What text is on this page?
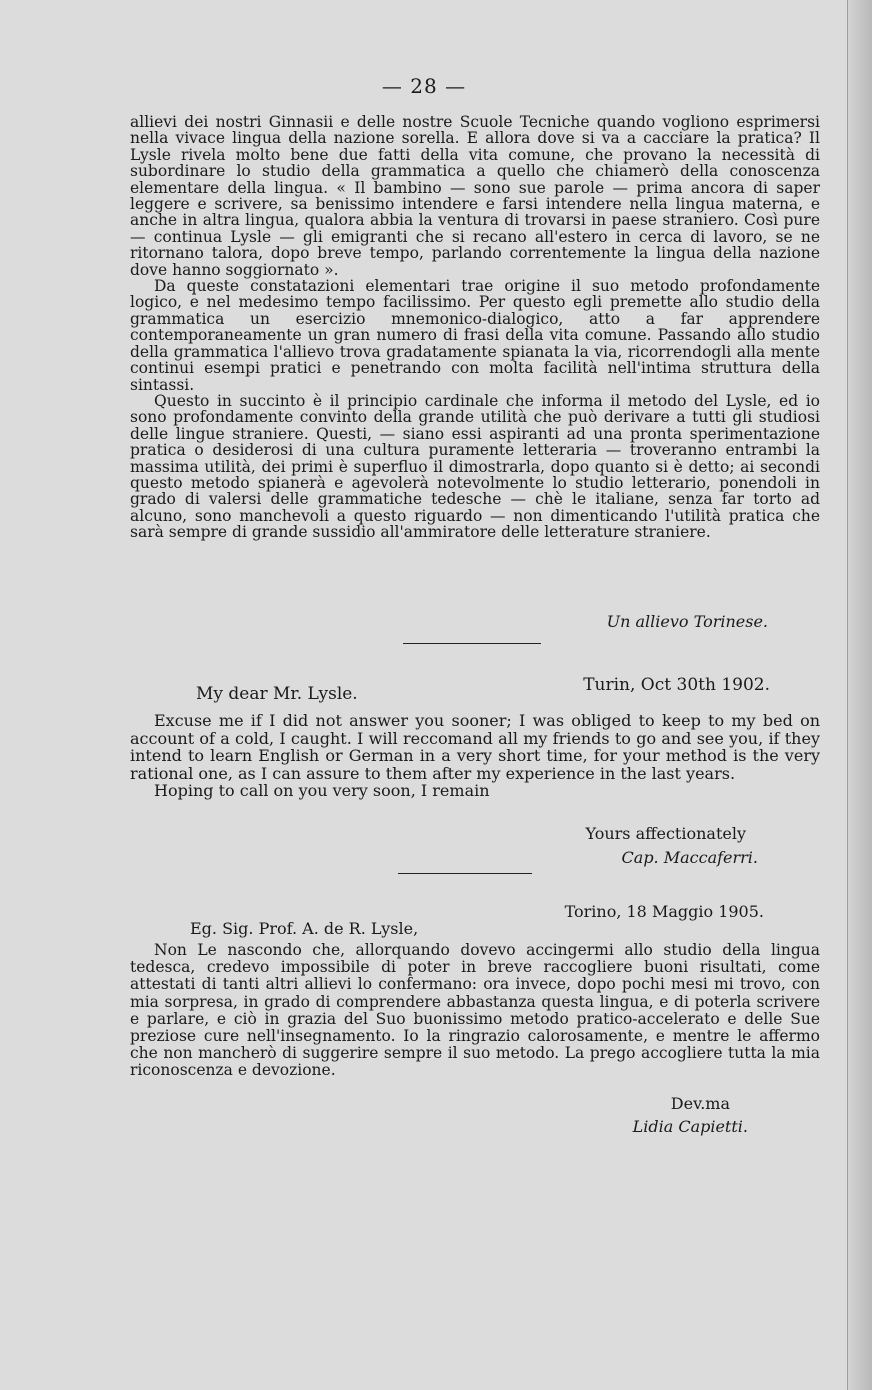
— 28 —

allievi dei nostri Ginnasii e delle nostre Scuole Tecniche quando vogliono esprimersi nella vivace lingua della nazione sorella. E allora dove si va a cacciare la pratica? Il Lysle rivela molto bene due fatti della vita comune, che provano la necessità di subordinare lo studio della grammatica a quello che chiamerò della conoscenza elementare della lingua. « Il bambino — sono sue parole — prima ancora di saper leggere e scrivere, sa benissimo intendere e farsi intendere nella lingua materna, e anche in altra lingua, qualora abbia la ventura di trovarsi in paese straniero. Così pure — continua Lysle — gli emigranti che si recano all'estero in cerca di lavoro, se ne ritornano talora, dopo breve tempo, parlando correntemente la lingua della nazione dove hanno soggiornato ».

Da queste constatazioni elementari trae origine il suo metodo profondamente logico, e nel medesimo tempo facilissimo. Per questo egli premette allo studio della grammatica un esercizio mnemonico-dialogico, atto a far apprendere contemporaneamente un gran numero di frasi della vita comune. Passando allo studio della grammatica l'allievo trova gradatamente spianata la via, ricorrendogli alla mente continui esempi pratici e penetrando con molta facilità nell'intima struttura della sintassi.

Questo in succinto è il principio cardinale che informa il metodo del Lysle, ed io sono profondamente convinto della grande utilità che può derivare a tutti gli studiosi delle lingue straniere. Questi, — siano essi aspiranti ad una pronta sperimentazione pratica o desiderosi di una cultura puramente letteraria — troveranno entrambi la massima utilità, dei primi è superfluo il dimostrarla, dopo quanto si è detto; ai secondi questo metodo spianerà e agevolerà notevolmente lo studio letterario, ponendoli in grado di valersi delle grammatiche tedesche — chè le italiane, senza far torto ad alcuno, sono manchevoli a questo riguardo — non dimenticando l'utilità pratica che sarà sempre di grande sussidio all'ammiratore delle letterature straniere.

Un allievo Torinese.
Turin, Oct 30th 1902.
My dear Mr. Lysle.

Excuse me if I did not answer you sooner; I was obliged to keep to my bed on account of a cold, I caught. I will reccomand all my friends to go and see you, if they intend to learn English or German in a very short time, for your method is the very rational one, as I can assure to them after my experience in the last years.

Hoping to call on you very soon, I remain

Yours affectionately
Cap. Maccaferri.
Torino, 18 Maggio 1905.
Eg. Sig. Prof. A. de R. Lysle,

Non Le nascondo che, allorquando dovevo accingermi allo studio della lingua tedesca, credevo impossibile di poter in breve raccogliere buoni risultati, come attestati di tanti altri allievi lo confermano: ora invece, dopo pochi mesi mi trovo, con mia sorpresa, in grado di comprendere abbastanza questa lingua, e di poterla scrivere e parlare, e ciò in grazia del Suo buonissimo metodo pratico-accelerato e delle Sue preziose cure nell'insegnamento. Io la ringrazio calorosamente, e mentre le affermo che non mancherò di suggerire sempre il suo metodo. La prego accogliere tutta la mia riconoscenza e devozione.

Dev.ma
Lidia Capietti.
